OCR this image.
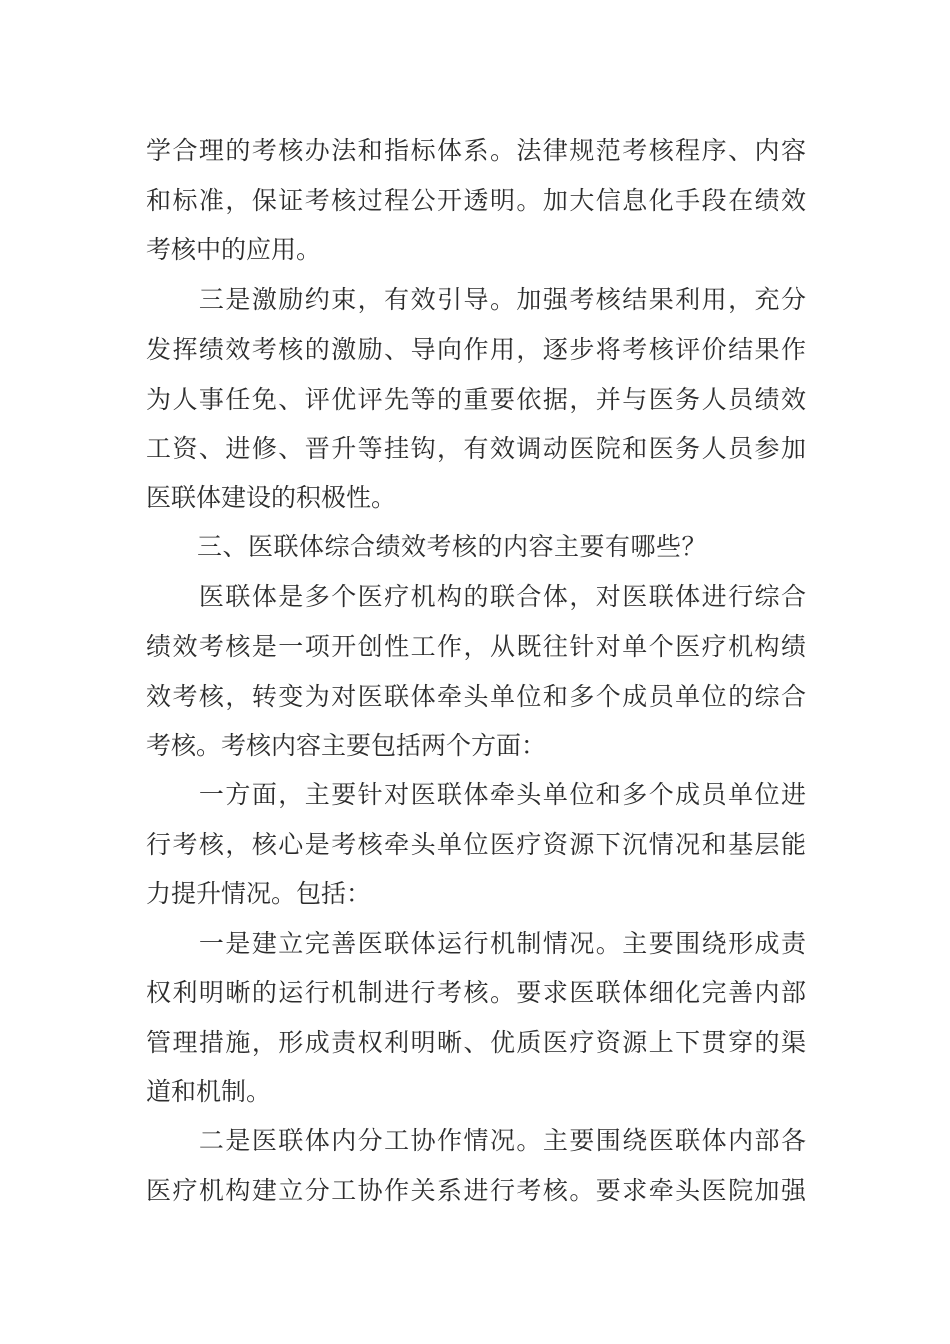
学合理的考核办法和指标体系。法律规范考核程序、内容
和标准，保证考核过程公开透明。加大信息化手段在绩效
考核中的应用。
　　三是激励约束，有效引导。加强考核结果利用，充分
发挥绩效考核的激励、导向作用，逐步将考核评价结果作
为人事任免、评优评先等的重要依据，并与医务人员绩效
工资、进修、晋升等挂钩，有效调动医院和医务人员参加
医联体建设的积极性。
　　三、医联体综合绩效考核的内容主要有哪些？
　　医联体是多个医疗机构的联合体，对医联体进行综合
绩效考核是一项开创性工作，从既往针对单个医疗机构绩
效考核，转变为对医联体牵头单位和多个成员单位的综合
考核。考核内容主要包括两个方面：
　　一方面，主要针对医联体牵头单位和多个成员单位进
行考核，核心是考核牵头单位医疗资源下沉情况和基层能
力提升情况。包括：
　　一是建立完善医联体运行机制情况。主要围绕形成责
权利明晰的运行机制进行考核。要求医联体细化完善内部
管理措施，形成责权利明晰、优质医疗资源上下贯穿的渠
道和机制。
　　二是医联体内分工协作情况。主要围绕医联体内部各
医疗机构建立分工协作关系进行考核。要求牵头医院加强
